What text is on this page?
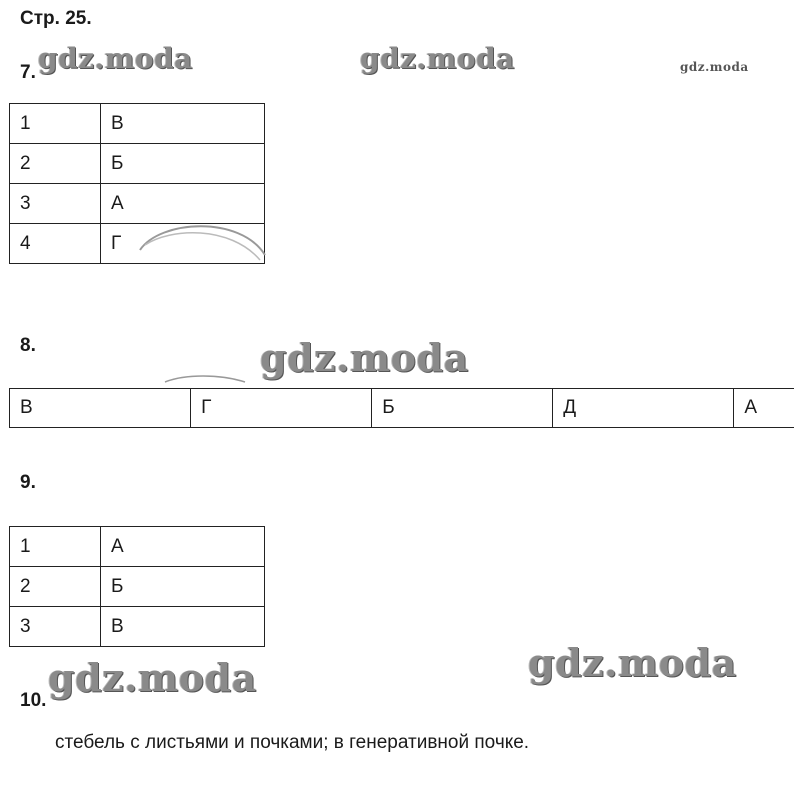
Стр. 25.
7.
1	В
2	Б
3	А
4	Г
8.
В	Г	Б	Д	А
9.
1	А
2	Б
3	В
10.
стебель с листьями и почками; в генеративной почке.
gdz.moda	gdz.moda	gdz.moda
gdz.moda
gdz.moda	gdz.moda
